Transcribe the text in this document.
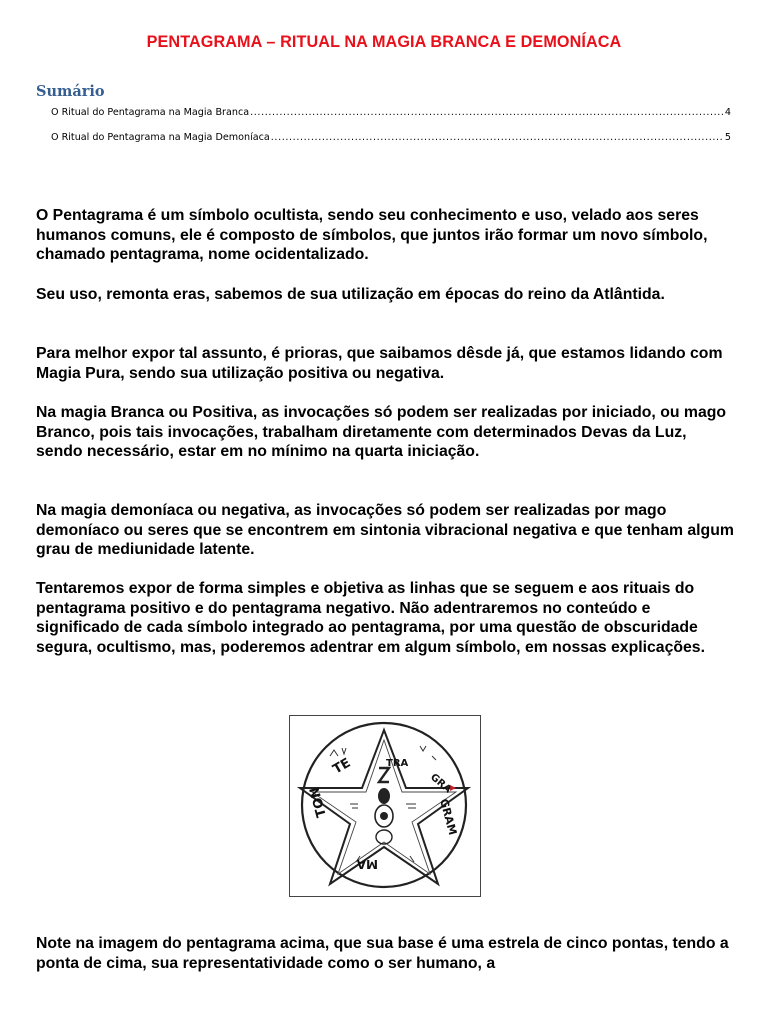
PENTAGRAMA – RITUAL NA MAGIA BRANCA E DEMONÍACA
Sumário
O Ritual do Pentagrama na Magia Branca .....	4
O Ritual do Pentagrama na Magia Demoníaca .....	5

O Pentagrama é um símbolo ocultista, sendo seu conhecimento e uso, velado aos seres humanos comuns, ele é composto de símbolos, que juntos irão formar um novo símbolo, chamado pentagrama, nome ocidentalizado.

Seu uso, remonta eras, sabemos de sua utilização em épocas do reino da Atlântida.

Para melhor expor tal assunto, é prioras, que saibamos dêsde já, que estamos lidando com Magia Pura, sendo sua utilização positiva ou negativa.

Na magia Branca ou Positiva, as invocações só podem ser realizadas por iniciado, ou mago Branco, pois tais invocações, trabalham diretamente com determinados Devas da Luz, sendo necessário, estar em no mínimo na quarta iniciação.

Na magia demoníaca ou negativa, as invocações só podem ser realizadas por mago demoníaco ou seres que se encontrem em sintonia vibracional negativa e que tenham algum grau de mediunidade latente.

Tentaremos expor de forma simples e objetiva as linhas que se seguem e aos rituais do pentagrama positivo e do pentagrama negativo. Não adentraremos no conteúdo e significado de cada símbolo integrado ao pentagrama, por uma questão de obscuridade segura, ocultismo, mas, poderemos adentrar em algum símbolo, em nossas explicações.

TE	TRA
GRA
GRAM
TON
MA

Note na imagem do pentagrama acima, que sua base é uma estrela de cinco pontas, tendo a ponta de cima, sua representatividade como o ser humano, a
